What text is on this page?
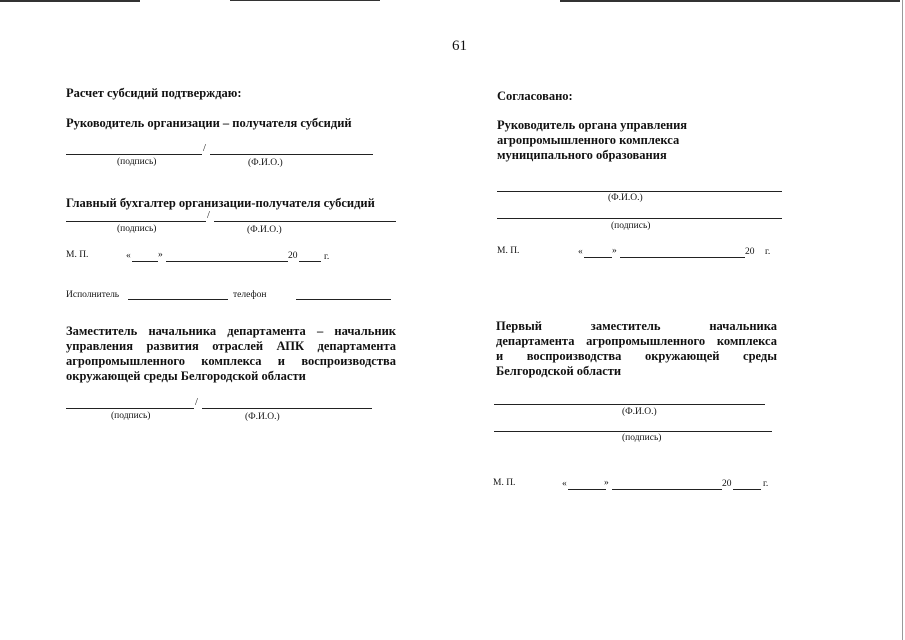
61
Расчет субсидий подтверждаю:
Руководитель организации – получателя субсидий
/
(подпись)	(Ф.И.О.)
Главный бухгалтер организации-получателя субсидий
/
(подпись)	(Ф.И.О.)
М. П.	«	»	20	г.
Исполнитель	телефон
Заместитель начальника департамента – начальник
управления развития отраслей АПК департамента
агропромышленного комплекса и воспроизводства
окружающей среды Белгородской области
/
(подпись)	(Ф.И.О.)
Согласовано:
Руководитель органа управления
агропромышленного комплекса
муниципального образования
(Ф.И.О.)
(подпись)
М. П.	«	»	20 г.
Первый заместитель начальника
департамента агропромышленного комплекса
и воспроизводства окружающей среды
Белгородской области
(Ф.И.О.)
(подпись)
М. П.	«	»	20	г.
